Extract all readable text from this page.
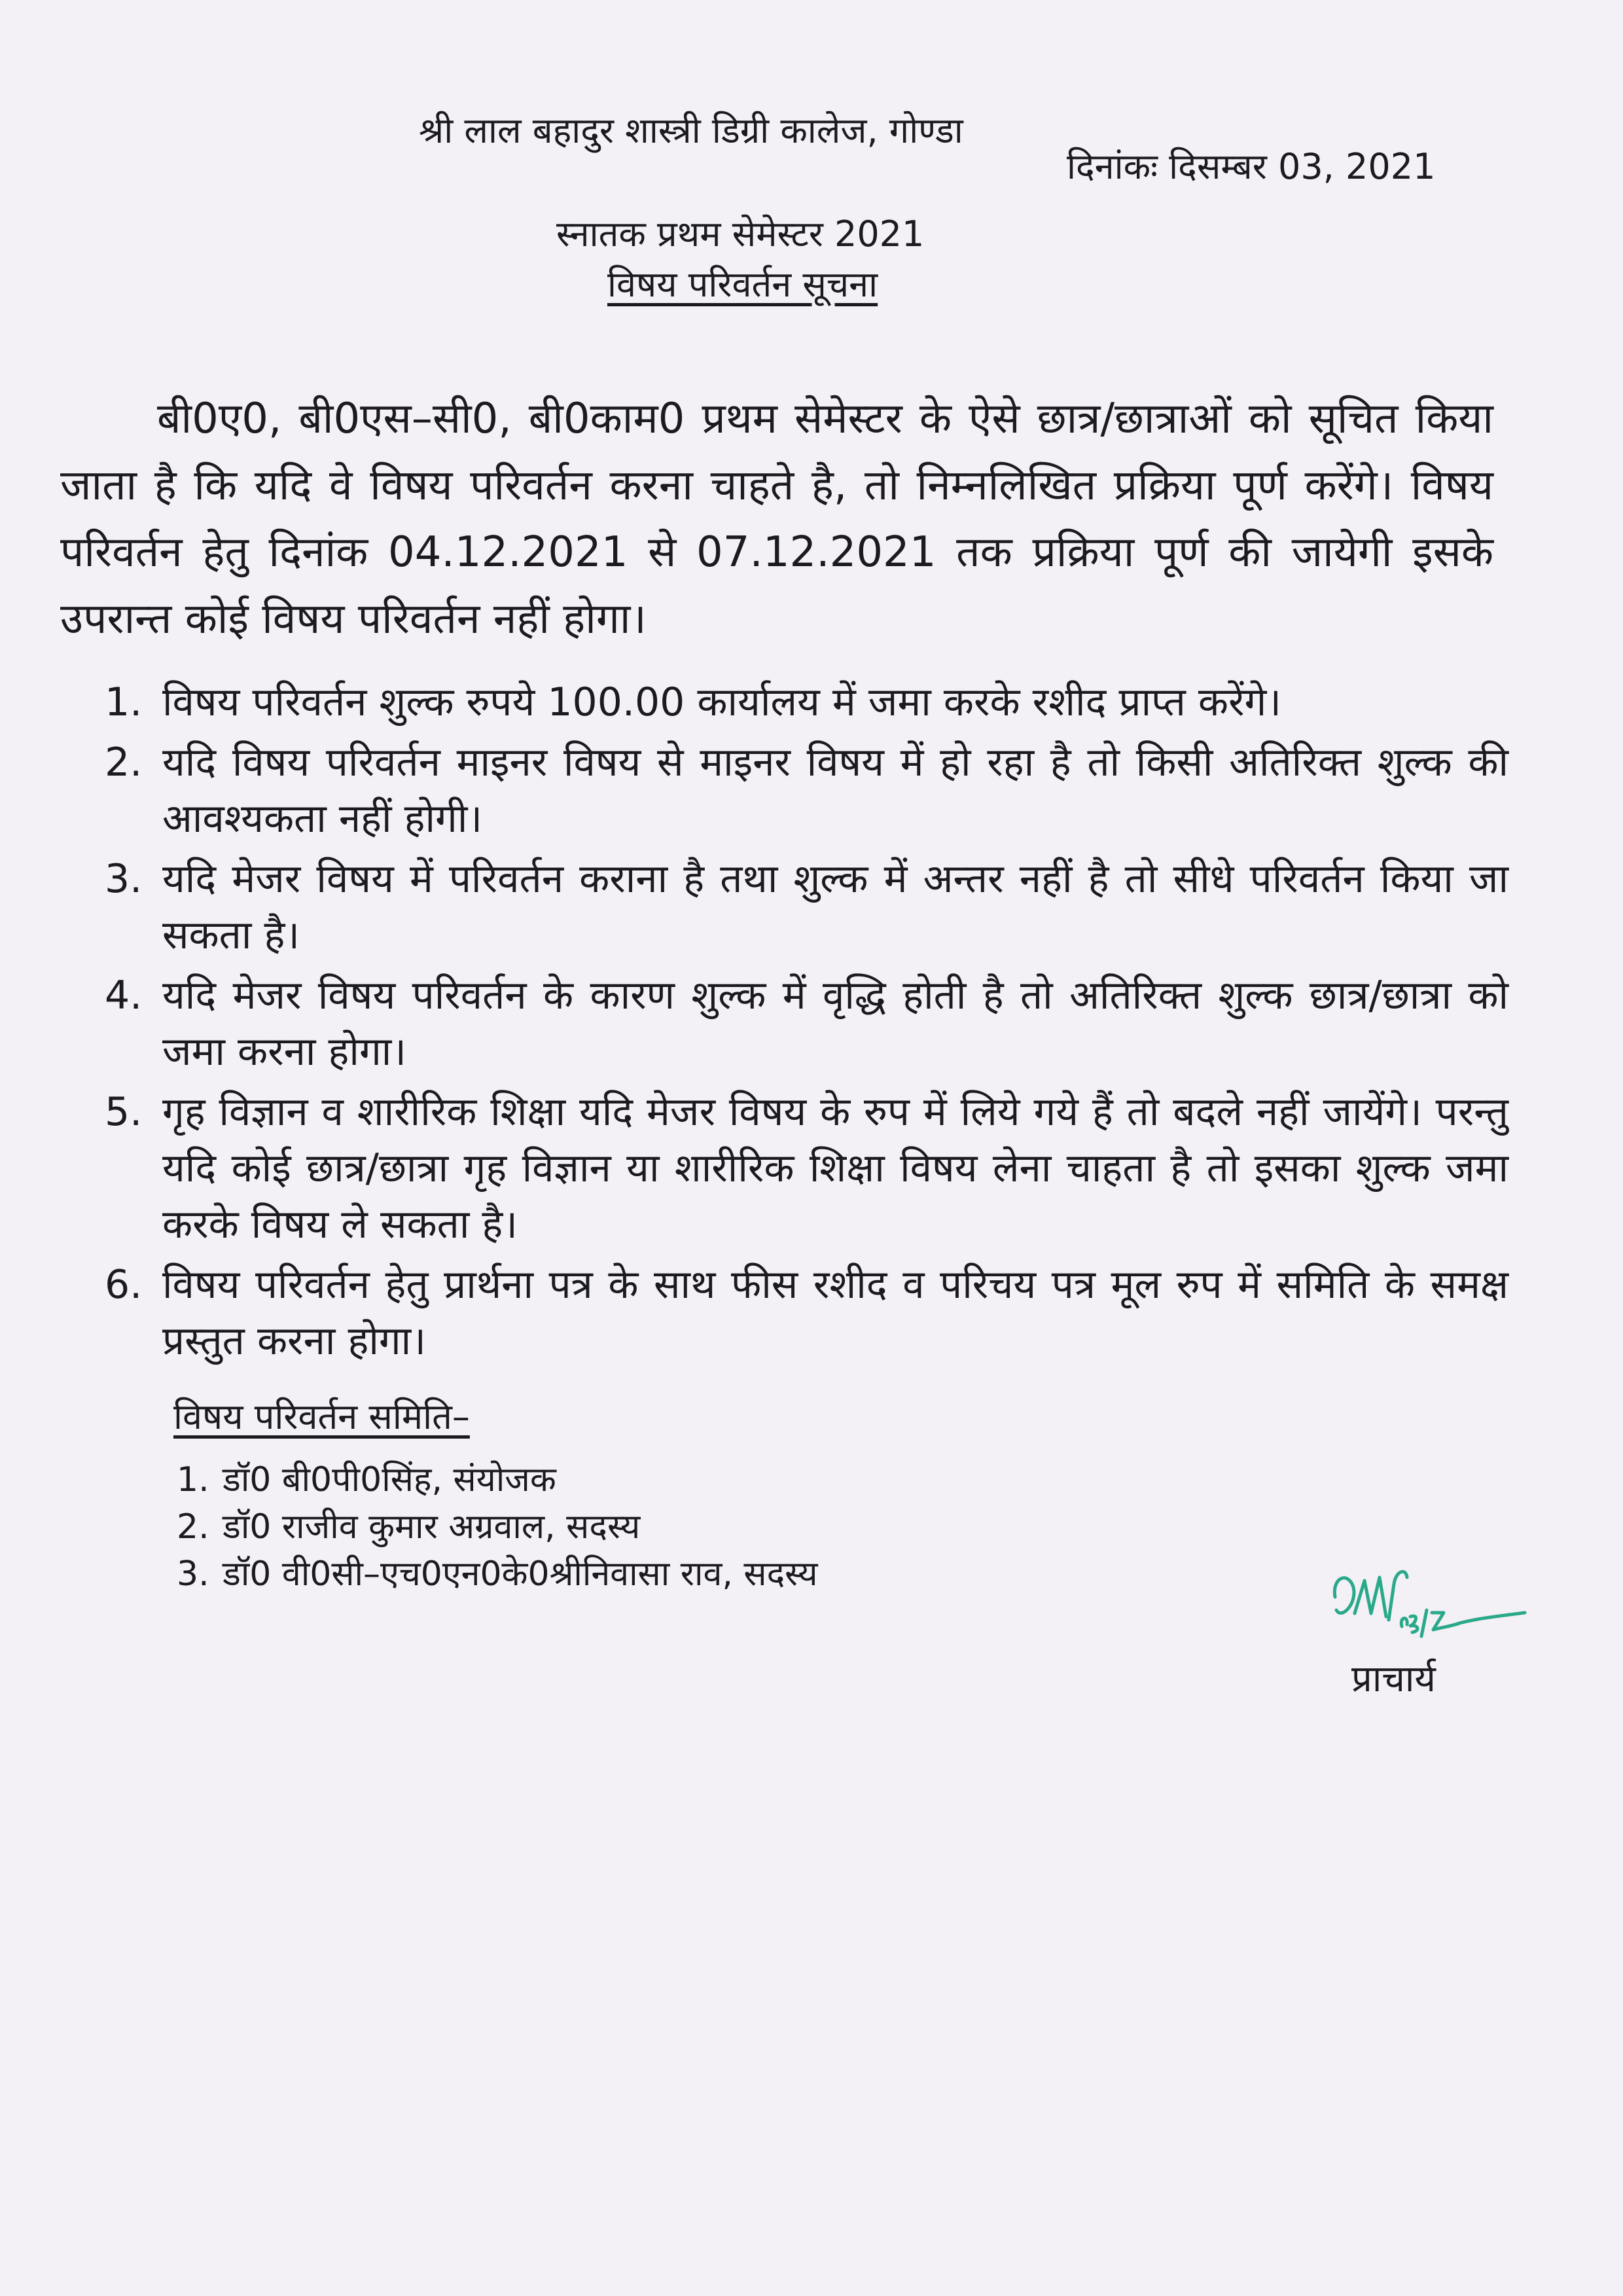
श्री लाल बहादुर शास्त्री डिग्री कालेज, गोण्डा
दिनांकः दिसम्बर 03, 2021
स्नातक प्रथम सेमेस्टर 2021
विषय परिवर्तन सूचना

बी0ए0, बी0एस–सी0, बी0काम0 प्रथम सेमेस्टर के ऐसे छात्र/छात्राओं को सूचित किया जाता है कि यदि वे विषय परिवर्तन करना चाहते है, तो निम्नलिखित प्रक्रिया पूर्ण करेंगे। विषय परिवर्तन हेतु दिनांक 04.12.2021 से 07.12.2021 तक प्रक्रिया पूर्ण की जायेगी इसके उपरान्त कोई विषय परिवर्तन नहीं होगा।

1. विषय परिवर्तन शुल्क रुपये 100.00 कार्यालय में जमा करके रशीद प्राप्त करेंगे।
2. यदि विषय परिवर्तन माइनर विषय से माइनर विषय में हो रहा है तो किसी अतिरिक्त शुल्क की आवश्यकता नहीं होगी।
3. यदि मेजर विषय में परिवर्तन कराना है तथा शुल्क में अन्तर नहीं है तो सीधे परिवर्तन किया जा सकता है।
4. यदि मेजर विषय परिवर्तन के कारण शुल्क में वृद्धि होती है तो अतिरिक्त शुल्क छात्र/छात्रा को जमा करना होगा।
5. गृह विज्ञान व शारीरिक शिक्षा यदि मेजर विषय के रुप में लिये गये हैं तो बदले नहीं जायेंगे। परन्तु यदि कोई छात्र/छात्रा गृह विज्ञान या शारीरिक शिक्षा विषय लेना चाहता है तो इसका शुल्क जमा करके विषय ले सकता है।
6. विषय परिवर्तन हेतु प्रार्थना पत्र के साथ फीस रशीद व परिचय पत्र मूल रुप में समिति के समक्ष प्रस्तुत करना होगा।
विषय परिवर्तन समिति–
1. डॉ0 बी0पी0सिंह, संयोजक
2. डॉ0 राजीव कुमार अग्रवाल, सदस्य
3. डॉ0 वी0सी–एच0एन0के0श्रीनिवासा राव, सदस्य
प्राचार्य
